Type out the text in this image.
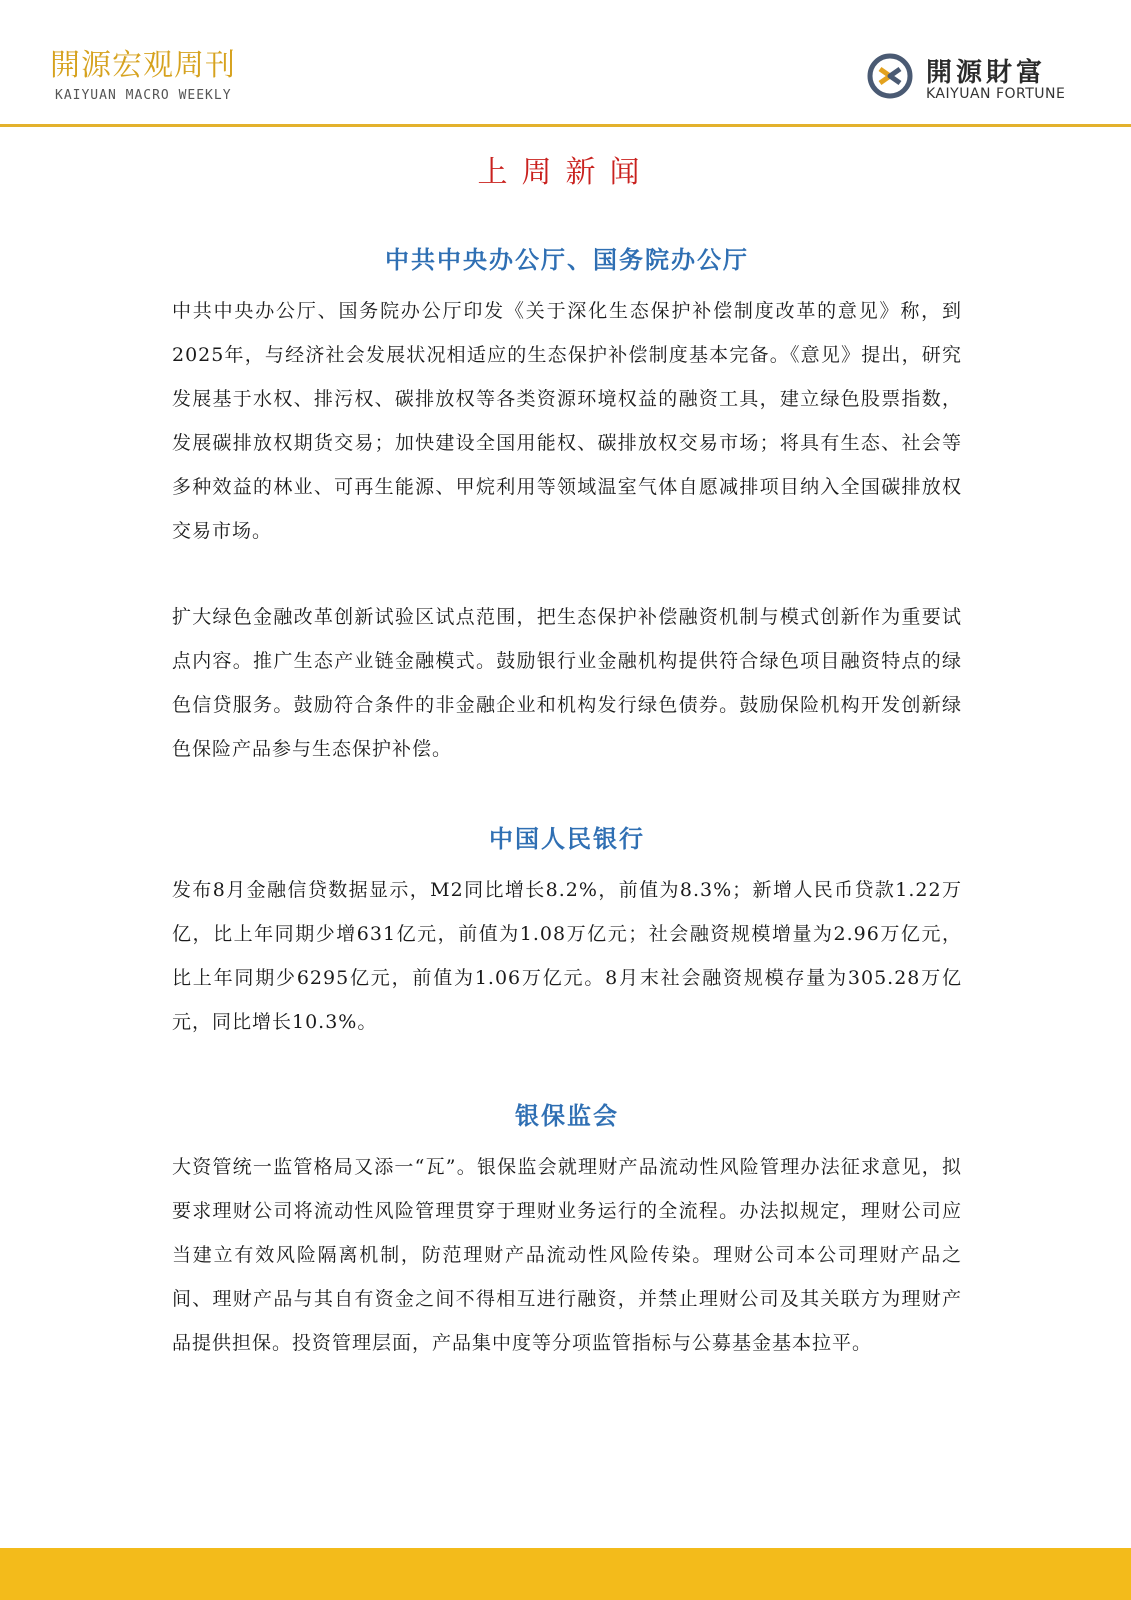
開源宏观周刊
KAIYUAN MACRO WEEKLY
開源財富
KAIYUAN FORTUNE
上周新闻
中共中央办公厅、国务院办公厅

中共中央办公厅、国务院办公厅印发《关于深化生态保护补偿制度改革的意见》称，到2025年，与经济社会发展状况相适应的生态保护补偿制度基本完备。《意见》提出，研究发展基于水权、排污权、碳排放权等各类资源环境权益的融资工具，建立绿色股票指数，发展碳排放权期货交易；加快建设全国用能权、碳排放权交易市场；将具有生态、社会等多种效益的林业、可再生能源、甲烷利用等领域温室气体自愿减排项目纳入全国碳排放权交易市场。

扩大绿色金融改革创新试验区试点范围，把生态保护补偿融资机制与模式创新作为重要试点内容。推广生态产业链金融模式。鼓励银行业金融机构提供符合绿色项目融资特点的绿色信贷服务。鼓励符合条件的非金融企业和机构发行绿色债券。鼓励保险机构开发创新绿色保险产品参与生态保护补偿。

中国人民银行

发布8月金融信贷数据显示，M2同比增长8.2%，前值为8.3%；新增人民币贷款1.22万亿，比上年同期少增631亿元，前值为1.08万亿元；社会融资规模增量为2.96万亿元，比上年同期少6295亿元，前值为1.06万亿元。8月末社会融资规模存量为305.28万亿元，同比增长10.3%。

银保监会

大资管统一监管格局又添一“瓦”。银保监会就理财产品流动性风险管理办法征求意见，拟要求理财公司将流动性风险管理贯穿于理财业务运行的全流程。办法拟规定，理财公司应当建立有效风险隔离机制，防范理财产品流动性风险传染。理财公司本公司理财产品之间、理财产品与其自有资金之间不得相互进行融资，并禁止理财公司及其关联方为理财产品提供担保。投资管理层面，产品集中度等分项监管指标与公募基金基本拉平。
